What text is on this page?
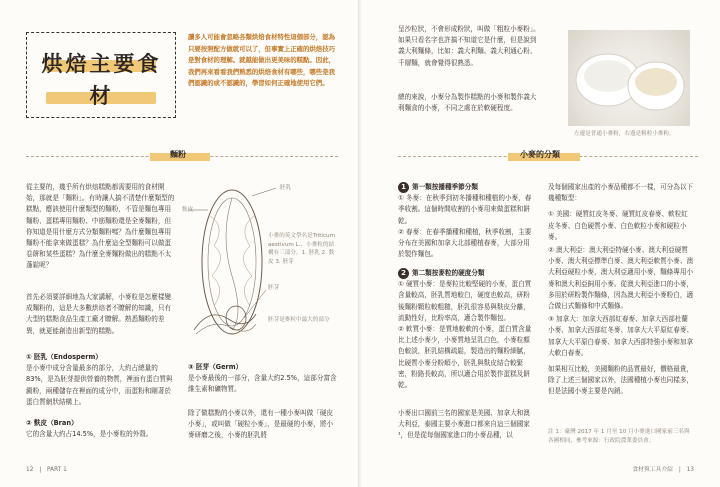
烘焙主要食材
讀多人可能會忽略各類烘焙食材特性這個部分，認為只要按照配方做就可以了，但事實上正確的烘焙技巧是對食材的理解。就越能做出更美味的糕點。因此，我們再來看看我們熟悉的烘焙食材有哪些，哪些是我們認識的或不認識的，學習如何正確地使用它們。
麵粉
從主要的，幾乎所有烘焙糕點都需要用的食材開始，那就是「麵粉」。有時讓人搞不清楚什麼類型的糕點，應該使用什麼類型的麵粉，不管是麵包專用麵粉、蛋糕專用麵粉、中筋麵粉還是全麥麵粉，但你知道是用什麼方式分類麵粉嗎？為什麼麵包專用麵粉不能拿來做蛋糕？為什麼這全型麵粉可以做蛋卷餅和某些蛋糕？為什麼全麥麵粉做出的糕點不太蓬鬆呢？
首先必須要詳細地為大家講解，小麥粒是怎麼樣變成麵粉的，這是大多數烘焙者不瞭解的知識，只有大型的糕點食品生產工廠才瞭解。熟悉麵粉的差異，就更能創造出新型的糕點。
① 胚乳（Endosperm）
是小麥中成分含量最多的部分，大約占總量的83%，是為胚芽提供營養的物質，裡面有蛋白質與澱粉，兩種儲存在裡面的成分中，而蛋粉和剛著於蛋白質網狀結構上。
② 麩皮（Bran）
它的含量大約占14.5%，是小麥粒的外殼。
胚乳
麩皮
胚芽
小麥的英文學名是Triticum aestivum L.，小麥粒的結構有三部分，1. 胚乳 2. 麩皮 3. 胚芽
胚芽是麥粒中最大的部分
③ 胚芽（Germ）
是小麥最後的一部分，含量大約2.5%，這部分富含維生素和礦物質。
除了做糕點的小麥以外，還有一種小麥叫做「硬皮小麥」，或叫做「硬粒小麥」，是最硬的小麥，將小麥研磨之後，小麥的胚乳將
12 | PART 1
呈沙粒狀，不會形成粉狀，叫做「粗粒小麥粉」。如果只看名字也許搞不知道它是什麼，但是說到義大利麵條，比如：義大利麵、義大利通心粉、千層麵，就會覺得很熟悉。
總的來說，小麥分為製作糕點的小麥和製作義大利麵食的小麥，不同之處在於軟硬程度。
左邊是普通小麥粉，右邊是粗粒小麥粉。
小麥的分類
1 第一類按播種季節分類
① 冬麥：在秋季到初冬播種和種植的小麥，春季收割。這個時間收割的小麥用來做蛋糕和餅乾。
② 春麥：在春季播種和種植，秋季收割，主要分布在美國和加拿大北部種植春麥，大部分用於製作麵包。
2 第二類按麥粒的硬度分類
① 硬質小麥：是麥粒比較堅硬的小麥，蛋白質含量較高，胚乳質地較白，硬度也較高，研粉後麵粉顆粒較粗糙，胚乳很容易與麩皮分離，流動性好，比粉率高，適合製作麵包。
② 軟質小麥：是質地較軟的小麥，蛋白質含量比上述小麥少，小麥質地呈乳白色，小麥粒顏色較淡，胚乳結構疏鬆，製造出的麵粉細膩，比硬質小麥分粉順小，胚乳與麩皮結合較緊密，粉路長較高，所以適合用於製作蛋糕及餅乾。
小麥出口國前三名的國家是美國、加拿大和澳大利亞，泰國主要小麥進口都來自這三個國家¹，但是從每個國家進口的小麥品種，以
及每個國家出產的小麥品種都不一樣，可分為以下幾種類型：
① 美國：硬質紅皮冬麥、硬質紅皮春麥、軟粒紅皮冬麥、白色硬質小麥、白色軟粒小麥和硬粒小麥。
② 澳大利亞：澳大利亞特硬小麥、澳大利亞硬質小麥、澳大利亞標準白麥、澳大利亞軟質小麥、澳大利亞硬粒小麥，澳大利亞適用小麥，麵條專用小麥和澳大利亞飼用小麥。從澳大利亞進口的小麥，多用於研粉製作麵條，因為澳大利亞小麥粉白，適合做日式麵條和中式麵條。
③ 加拿大：加拿大西部紅春麥、加拿大西部杜蘭小麥、加拿大西部紅冬麥、加拿大大平原紅春麥、加拿大大平原白春麥、加拿大西部特強小麥和加拿大軟白春麥。
如果相互比較，美國麵粉的品質最好，價格最貴，除了上述三個國家以外，法國種植小麥也同樣多，但是法國小麥主要是內銷。
註 1：臺灣 2017 年 1 月至 10 月小麥進口國家前三名與各國相同，參考來源：行政院農業委員會。
食材與工具介紹 | 13
